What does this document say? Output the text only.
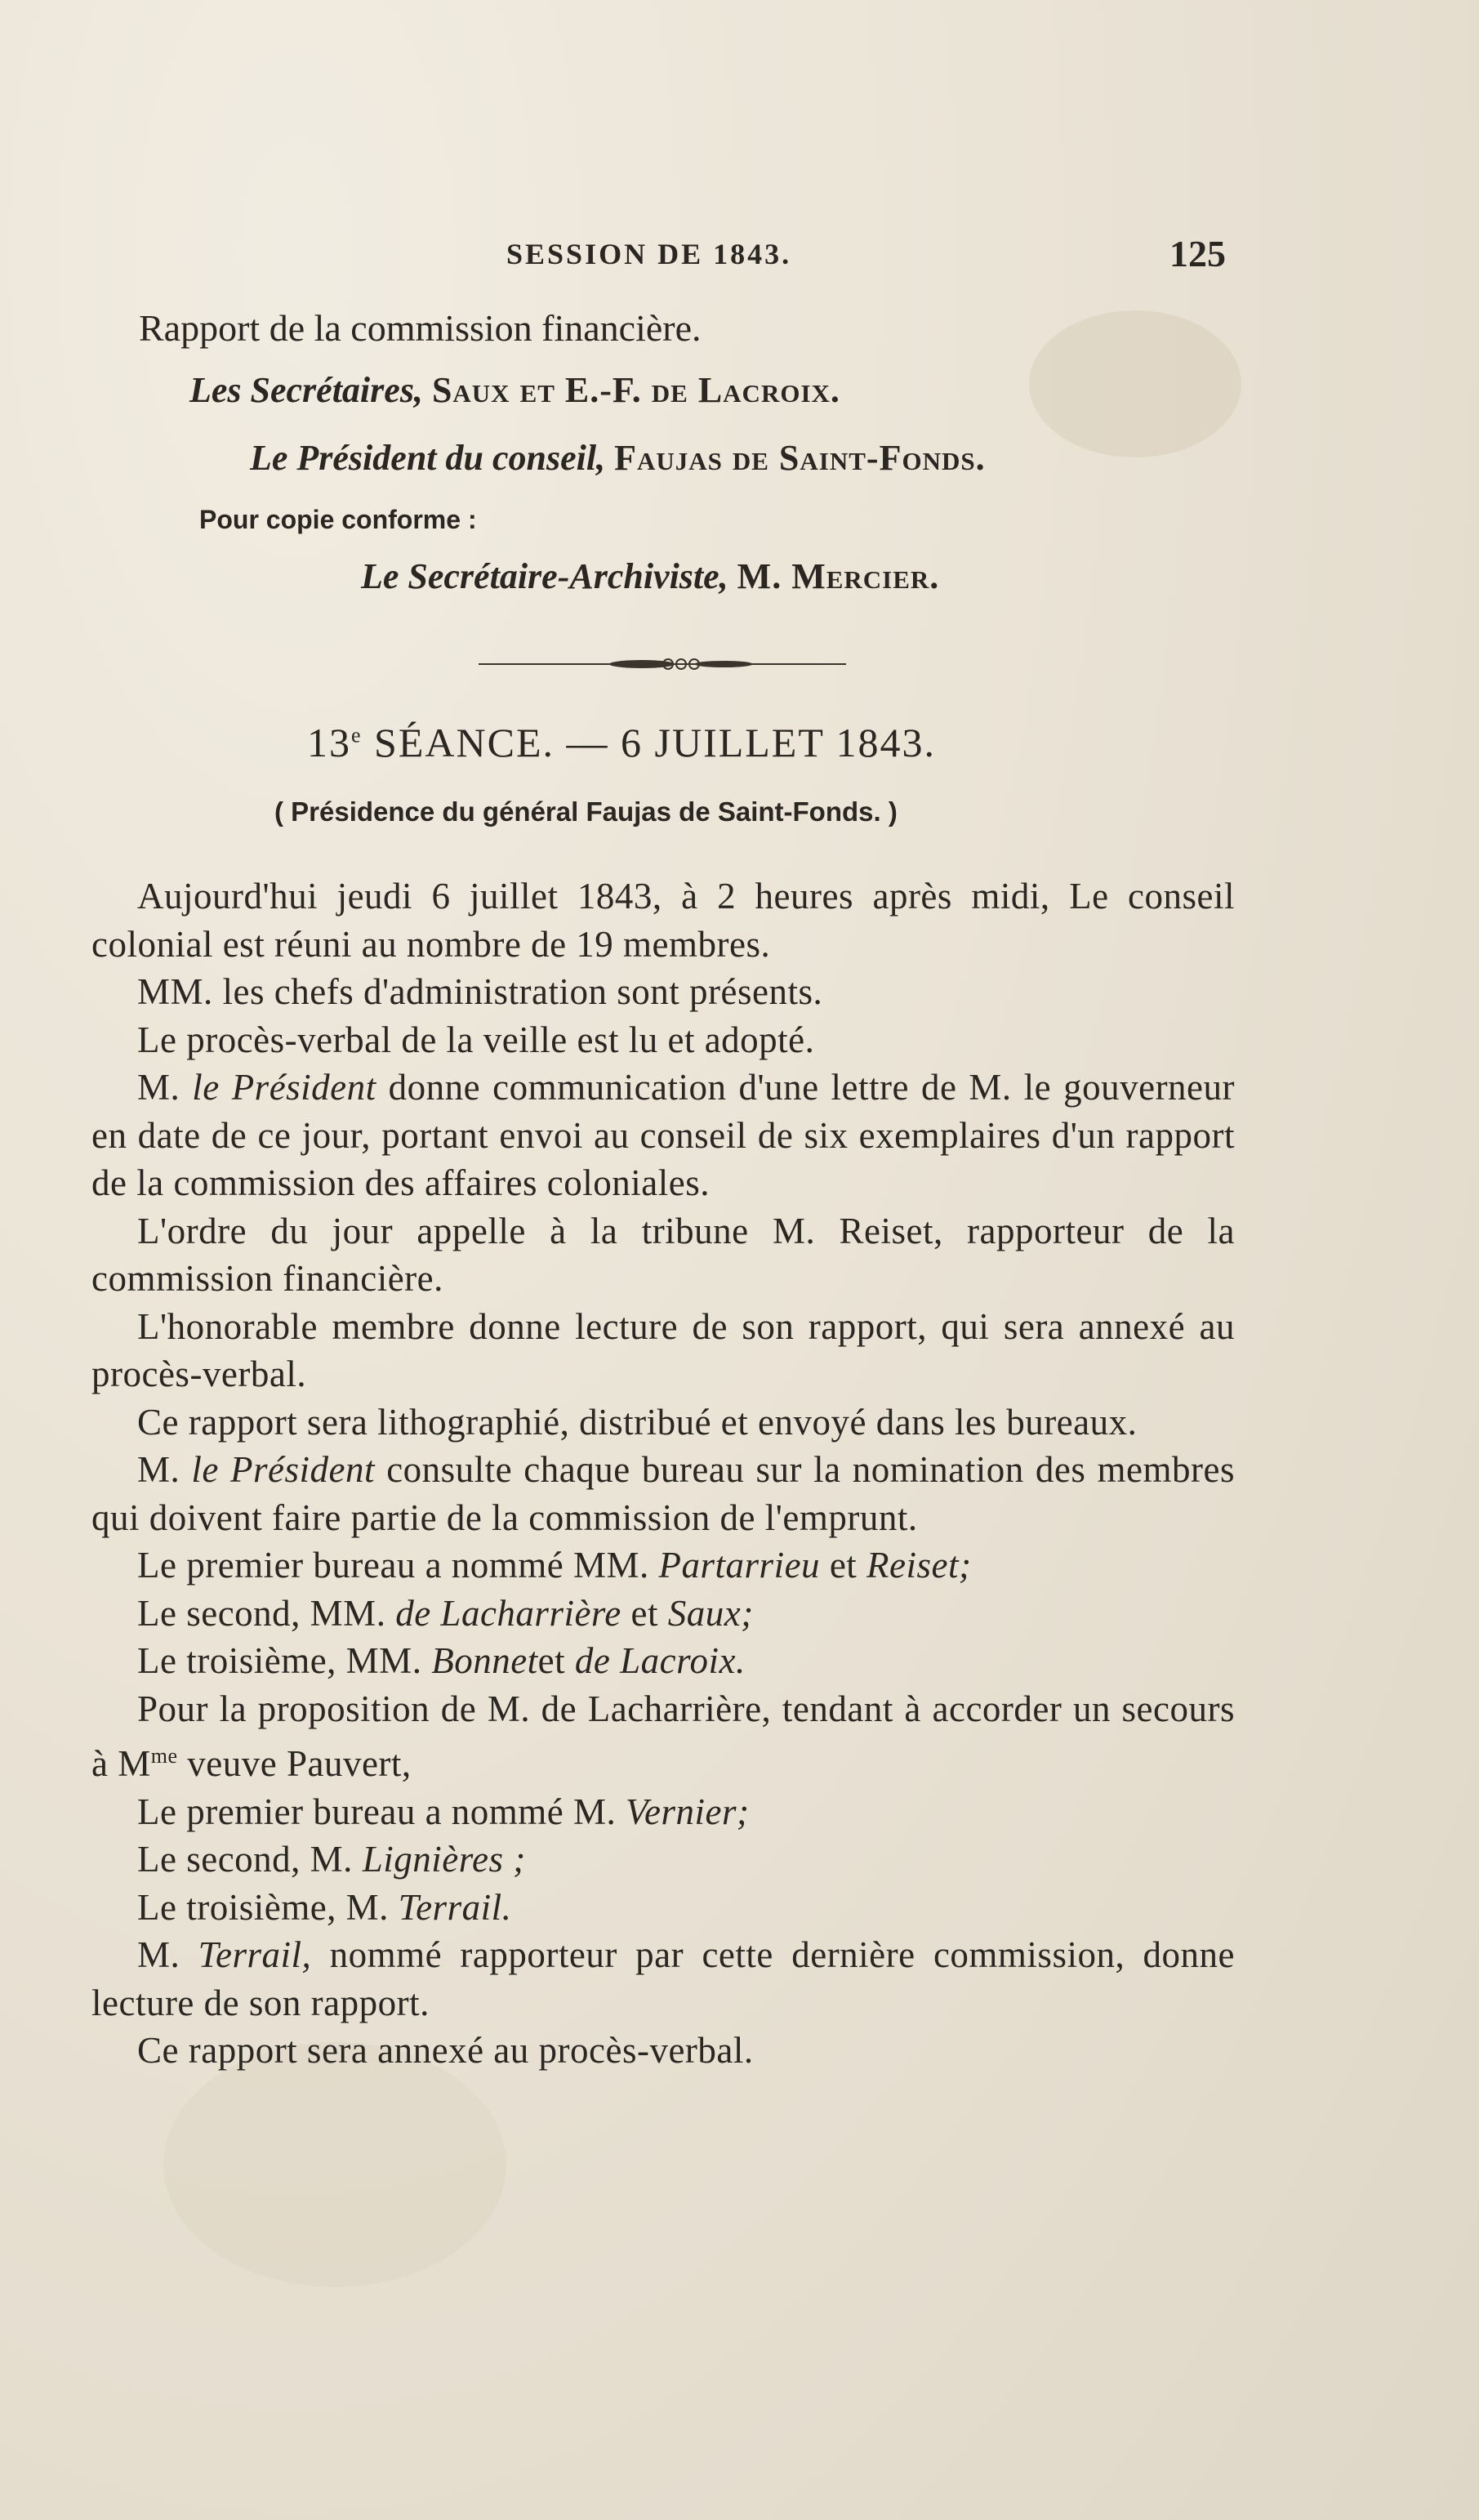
SESSION DE 1843.	125
Rapport de la commission financière.
Les Secrétaires, Saux et E.-F. de Lacroix.
Le Président du conseil, Faujas de Saint-Fonds.
Pour copie conforme :
Le Secrétaire-Archiviste, M. Mercier.
13e SÉANCE. — 6 JUILLET 1843.
( Présidence du général Faujas de Saint-Fonds. )

Aujourd'hui jeudi 6 juillet 1843, à 2 heures après midi, Le conseil colonial est réuni au nombre de 19 membres.

MM. les chefs d'administration sont présents.

Le procès-verbal de la veille est lu et adopté.

M. le Président donne communication d'une lettre de M. le gouverneur en date de ce jour, portant envoi au conseil de six exemplaires d'un rapport de la commission des affaires coloniales.

L'ordre du jour appelle à la tribune M. Reiset, rapporteur de la commission financière.

L'honorable membre donne lecture de son rapport, qui sera annexé au procès-verbal.

Ce rapport sera lithographié, distribué et envoyé dans les bureaux.

M. le Président consulte chaque bureau sur la nomination des membres qui doivent faire partie de la commission de l'emprunt.

Le premier bureau a nommé MM. Partarrieu et Reiset;

Le second, MM. de Lacharrière et Saux;

Le troisième, MM. Bonnetet de Lacroix.

Pour la proposition de M. de Lacharrière, tendant à accorder un secours à $M^{me}$ veuve Pauvert,

Le premier bureau a nommé M. Vernier;

Le second, M. Lignières ;

Le troisième, M. Terrail.

M. Terrail, nommé rapporteur par cette dernière commission, donne lecture de son rapport.

Ce rapport sera annexé au procès-verbal.
